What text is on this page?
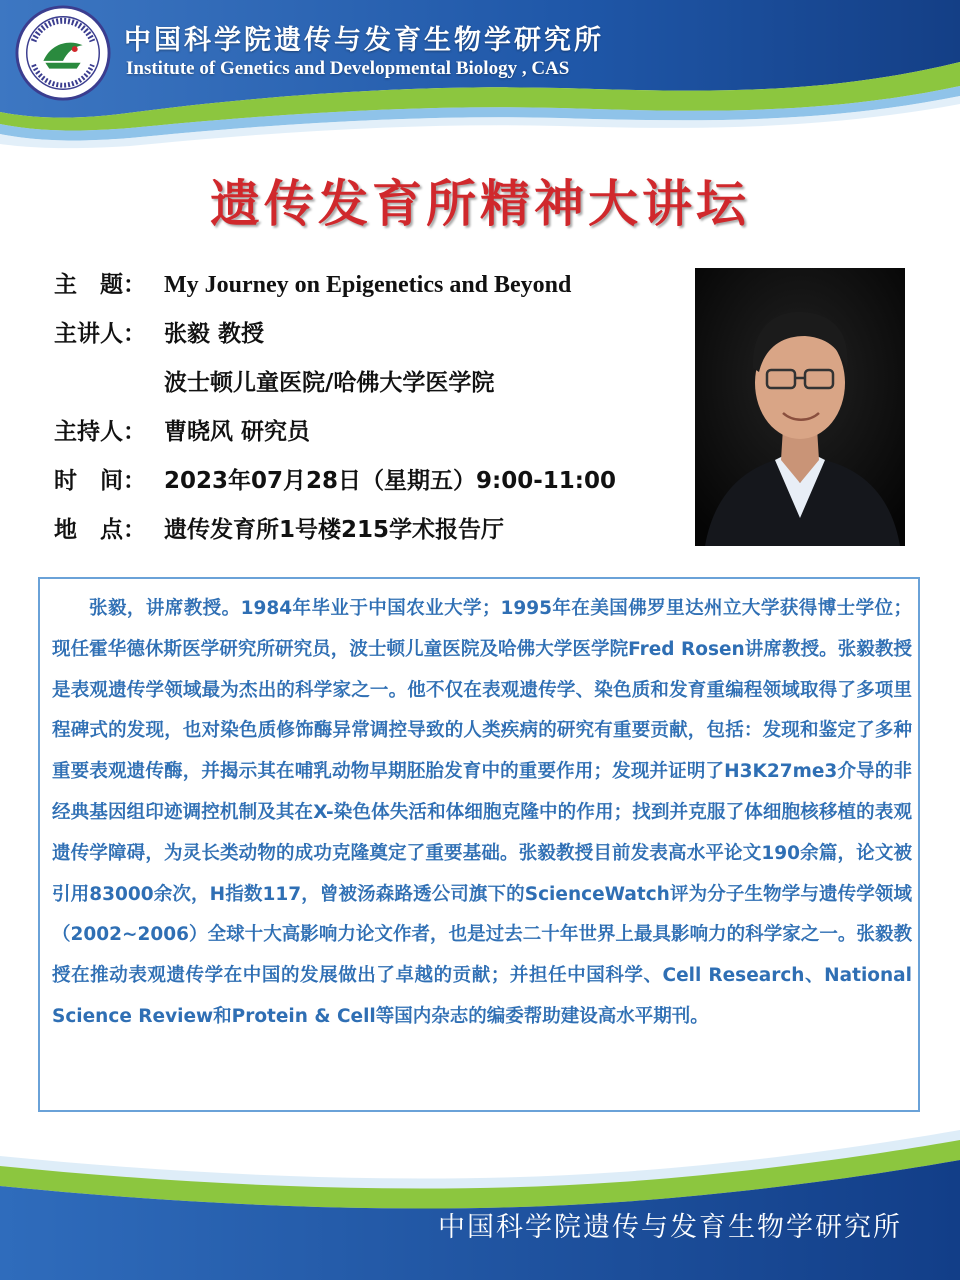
中国科学院遗传与发育生物学研究所
Institute of Genetics and Developmental Biology , CAS
遗传发育所精神大讲坛
主　题： My Journey on Epigenetics and Beyond
主讲人： 张毅 教授
波士顿儿童医院/哈佛大学医学院
主持人： 曹晓风 研究员
时　间： 2023年07月28日（星期五）9:00-11:00
地　点： 遗传发育所1号楼215学术报告厅

张毅，讲席教授。1984年毕业于中国农业大学；1995年在美国佛罗里达州立大学获得博士学位；现任霍华德休斯医学研究所研究员，波士顿儿童医院及哈佛大学医学院Fred Rosen讲席教授。张毅教授是表观遗传学领域最为杰出的科学家之一。他不仅在表观遗传学、染色质和发育重编程领域取得了多项里程碑式的发现，也对染色质修饰酶异常调控导致的人类疾病的研究有重要贡献，包括：发现和鉴定了多种重要表观遗传酶，并揭示其在哺乳动物早期胚胎发育中的重要作用；发现并证明了H3K27me3介导的非经典基因组印迹调控机制及其在X-染色体失活和体细胞克隆中的作用；找到并克服了体细胞核移植的表观遗传学障碍，为灵长类动物的成功克隆奠定了重要基础。张毅教授目前发表高水平论文190余篇，论文被引用83000余次，H指数117，曾被汤森路透公司旗下的ScienceWatch评为分子生物学与遗传学领域（2002~2006）全球十大高影响力论文作者，也是过去二十年世界上最具影响力的科学家之一。张毅教授在推动表观遗传学在中国的发展做出了卓越的贡献；并担任中国科学、Cell Research、National Science Review和Protein & Cell等国内杂志的编委帮助建设高水平期刊。

中国科学院遗传与发育生物学研究所
